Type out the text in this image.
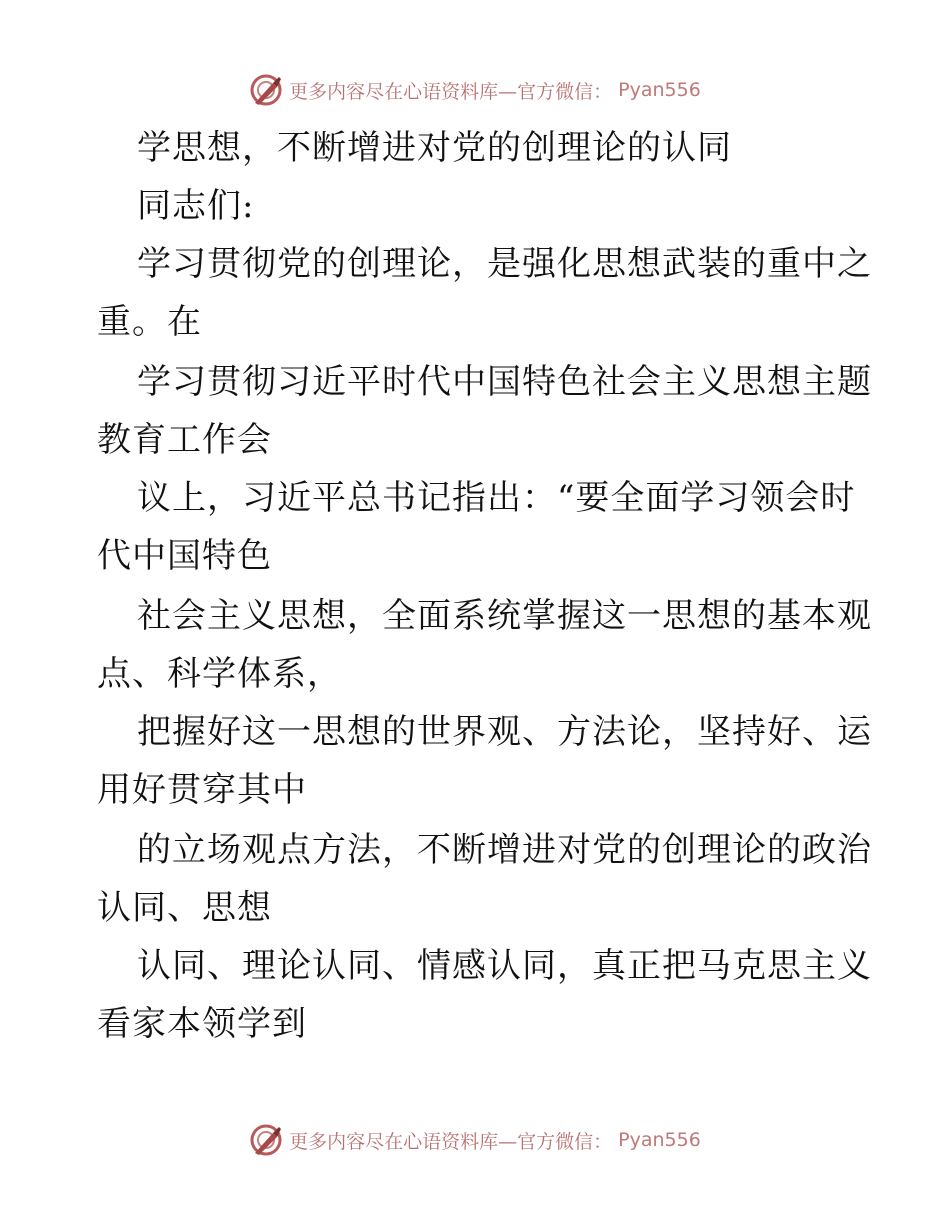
更多内容尽在心语资料库—官方微信： Pyan556
学思想，不断增进对党的创理论的认同
同志们:
学习贯彻党的创理论，是强化思想武装的重中之
重。在
学习贯彻习近平时代中国特色社会主义思想主题
教育工作会
议上，习近平总书记指出：“要全面学习领会时
代中国特色
社会主义思想，全面系统掌握这一思想的基本观
点、科学体系，
把握好这一思想的世界观、方法论，坚持好、运
用好贯穿其中
的立场观点方法，不断增进对党的创理论的政治
认同、思想
认同、理论认同、情感认同，真正把马克思主义
看家本领学到
更多内容尽在心语资料库—官方微信： Pyan556
